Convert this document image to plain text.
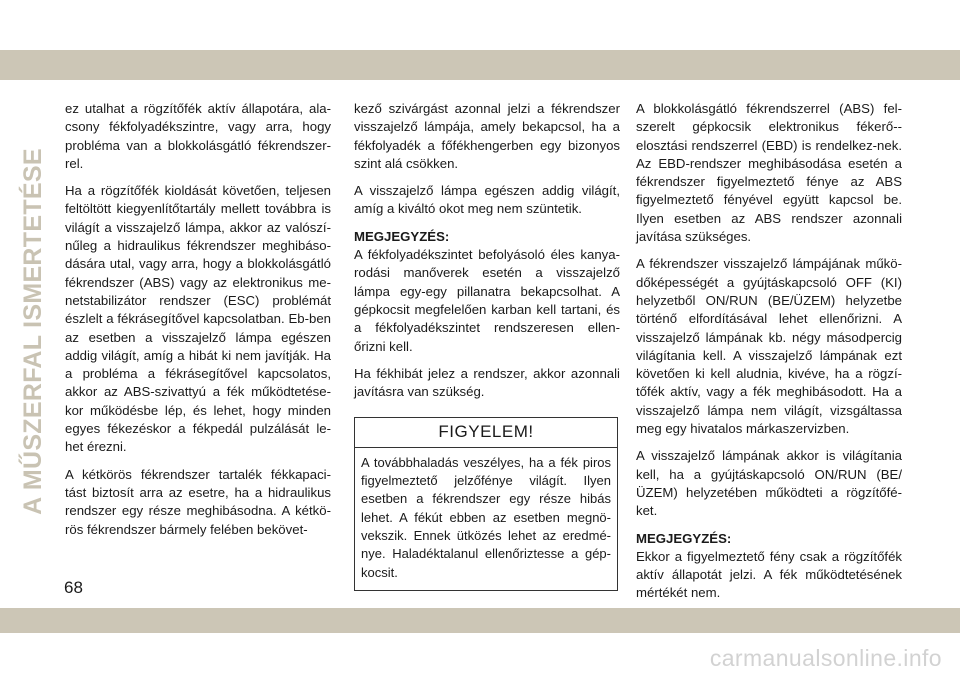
A MŰSZERFAL ISMERTETÉSE

ez utalhat a rögzítőfék aktív állapotára, ala-csony fékfolyadékszintre, vagy arra, hogy probléma van a blokkolásgátló fékrendszer-rel.

Ha a rögzítőfék kioldását követően, teljesen feltöltött kiegyenlítőtartály mellett továbbra is világít a visszajelző lámpa, akkor az valószí-nűleg a hidraulikus fékrendszer meghibáso-dására utal, vagy arra, hogy a blokkolásgátló fékrendszer (ABS) vagy az elektronikus me-netstabilizátor rendszer (ESC) problémát észlelt a fékrásegítővel kapcsolatban. Eb-ben az esetben a visszajelző lámpa egészen addig világít, amíg a hibát ki nem javítják. Ha a probléma a fékrásegítővel kapcsolatos, akkor az ABS-szivattyú a fék működtetése-kor működésbe lép, és lehet, hogy minden egyes fékezéskor a fékpedál pulzálását le-het érezni.

A kétkörös fékrendszer tartalék fékkapaci-tást biztosít arra az esetre, ha a hidraulikus rendszer egy része meghibásodna. A kétkö-rös fékrendszer bármely felében bekövet-

kező szivárgást azonnal jelzi a fékrendszer visszajelző lámpája, amely bekapcsol, ha a fékfolyadék a főfékhengerben egy bizonyos szint alá csökken.

A visszajelző lámpa egészen addig világít, amíg a kiváltó okot meg nem szüntetik.

MEGJEGYZÉS:

A fékfolyadékszintet befolyásoló éles kanya-rodási manőverek esetén a visszajelző lámpa egy-egy pillanatra bekapcsolhat. A gépkocsit megfelelően karban kell tartani, és a fékfolyadékszintet rendszeresen ellen-őrizni kell.

Ha fékhibát jelez a rendszer, akkor azonnali javításra van szükség.

FIGYELEM!
A továbbhaladás veszélyes, ha a fék piros figyelmeztető jelzőfénye világít. Ilyen esetben a fékrendszer egy része hibás lehet. A fékút ebben az esetben megnö-vekszik. Ennek ütközés lehet az eredmé-nye. Haladéktalanul ellenőriztesse a gép-kocsit.

A blokkolásgátló fékrendszerrel (ABS) fel-szerelt gépkocsik elektronikus fékerő--elosztási rendszerrel (EBD) is rendelkez-nek. Az EBD-rendszer meghibásodása esetén a fékrendszer figyelmeztető fénye az ABS figyelmeztető fényével együtt kapcsol be. Ilyen esetben az ABS rendszer azonnali javítása szükséges.

A fékrendszer visszajelző lámpájának műkö-dőképességét a gyújtáskapcsoló OFF (KI) helyzetből ON/RUN (BE/ÜZEM) helyzetbe történő elfordításával lehet ellenőrizni. A visszajelző lámpának kb. négy másodpercig világítania kell. A visszajelző lámpának ezt követően ki kell aludnia, kivéve, ha a rögzí-tőfék aktív, vagy a fék meghibásodott. Ha a visszajelző lámpa nem világít, vizsgáltassa meg egy hivatalos márkaszervizben.

A visszajelző lámpának akkor is világítania kell, ha a gyújtáskapcsoló ON/RUN (BE/ ÜZEM) helyzetében működteti a rögzítőfé-ket.

MEGJEGYZÉS:

Ekkor a figyelmeztető fény csak a rögzítőfék aktív állapotát jelzi. A fék működtetésének mértékét nem.

68
carmanualsonline.info
